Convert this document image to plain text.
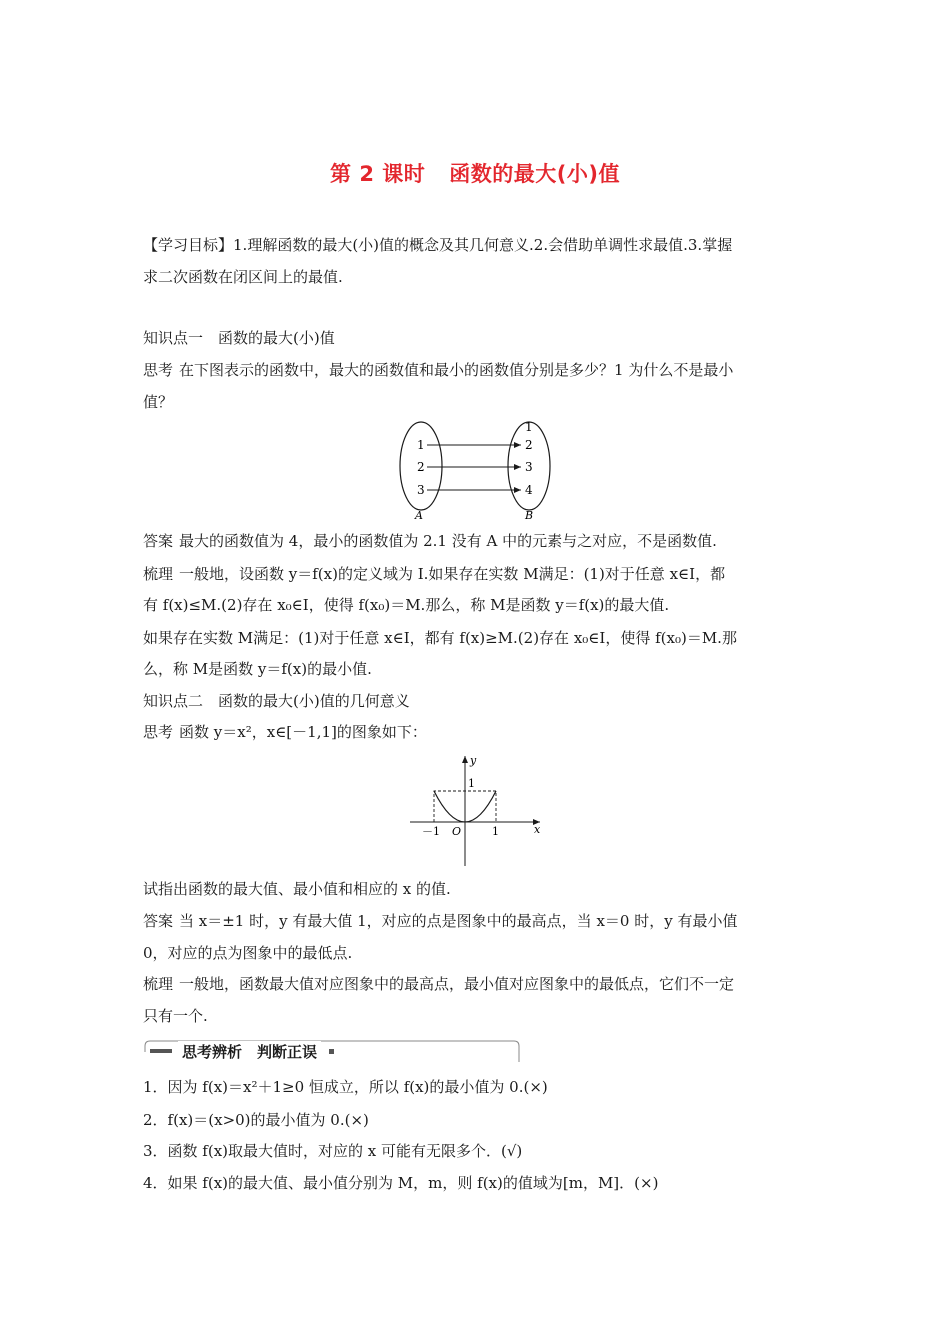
第 2 课时 函数的最大(小)值
【学习目标】1.理解函数的最大(小)值的概念及其几何意义.2.会借助单调性求最值.3.掌握
求二次函数在闭区间上的最值.
知识点一　函数的最大(小)值
思考 在下图表示的函数中，最大的函数值和最小的函数值分别是多少？1 为什么不是最小
值？
1
2
3
1
2
3
4
A	B
答案 最大的函数值为 4，最小的函数值为 2.1 没有 A 中的元素与之对应，不是函数值.
梳理 一般地，设函数 y＝f(x)的定义域为 I.如果存在实数 M满足：(1)对于任意 x∈I，都
有 f(x)≤M.(2)存在 x₀∈I，使得 f(x₀)＝M.那么，称 M是函数 y＝f(x)的最大值.
如果存在实数 M满足：(1)对于任意 x∈I，都有 f(x)≥M.(2)存在 x₀∈I，使得 f(x₀)＝M.那
么，称 M是函数 y＝f(x)的最小值.
知识点二　函数的最大(小)值的几何意义
思考 函数 y＝x²，x∈[－1,1]的图象如下：
y
x
O
1
－1	1
试指出函数的最大值、最小值和相应的 x 的值.
答案 当 x＝±1 时，y 有最大值 1，对应的点是图象中的最高点，当 x＝0 时，y 有最小值
0，对应的点为图象中的最低点.
梳理 一般地，函数最大值对应图象中的最高点，最小值对应图象中的最低点，它们不一定
只有一个.
思考辨析　判断正误
1．因为 f(x)＝x²＋1≥0 恒成立，所以 f(x)的最小值为 0.(×)
2．f(x)＝(x>0)的最小值为 0.(×)
3．函数 f(x)取最大值时，对应的 x 可能有无限多个．(√)
4．如果 f(x)的最大值、最小值分别为 M，m，则 f(x)的值域为[m，M]．(×)
